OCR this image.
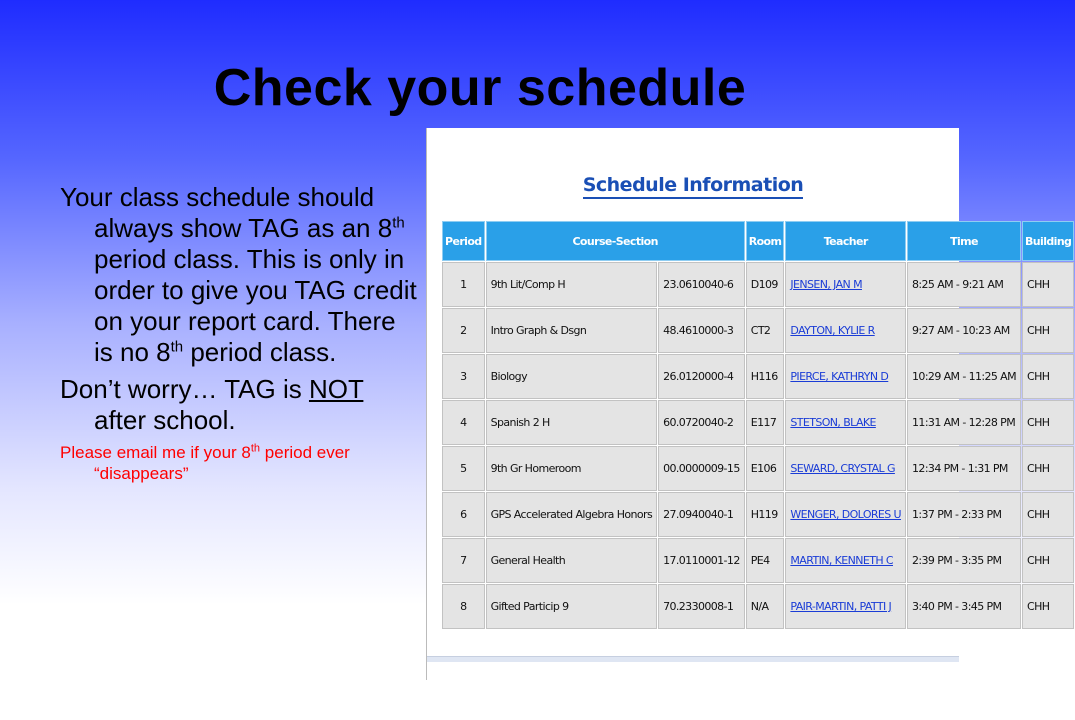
Check your schedule
Your class schedule should always show TAG as an 8th period class. This is only in order to give you TAG credit on your report card. There is no 8th period class.
Don’t worry… TAG is NOT after school.
Please email me if your 8th period ever “disappears”
Schedule Information
Period	Course-Section		Room	Teacher	Time	Building
1	9th Lit/Comp H	23.0610040-6	D109	JENSEN, JAN M	8:25 AM - 9:21 AM	CHH
2	Intro Graph & Dsgn	48.4610000-3	CT2	DAYTON, KYLIE R	9:27 AM - 10:23 AM	CHH
3	Biology	26.0120000-4	H116	PIERCE, KATHRYN D	10:29 AM - 11:25 AM	CHH
4	Spanish 2 H	60.0720040-2	E117	STETSON, BLAKE	11:31 AM - 12:28 PM	CHH
5	9th Gr Homeroom	00.0000009-15	E106	SEWARD, CRYSTAL G	12:34 PM - 1:31 PM	CHH
6	GPS Accelerated Algebra Honors	27.0940040-1	H119	WENGER, DOLORES U	1:37 PM - 2:33 PM	CHH
7	General Health	17.0110001-12	PE4	MARTIN, KENNETH C	2:39 PM - 3:35 PM	CHH
8	Gifted Particip 9	70.2330008-1	N/A	PAIR-MARTIN, PATTI J	3:40 PM - 3:45 PM	CHH
